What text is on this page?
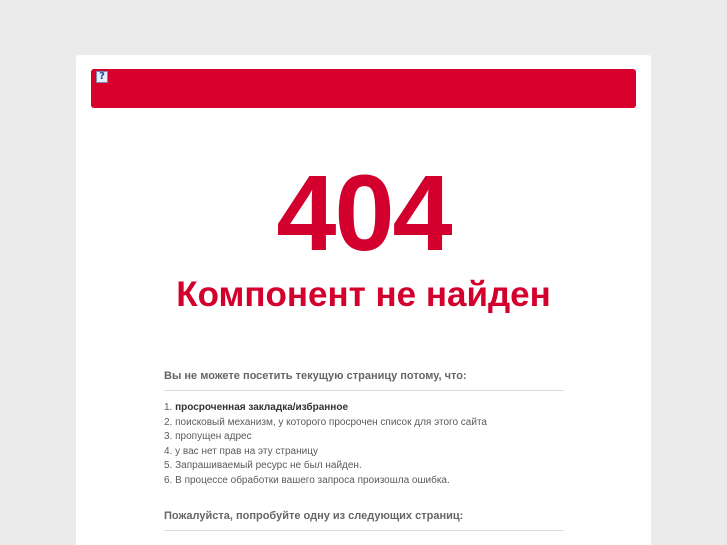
?
404
Компонент не найден
Вы не можете посетить текущую страницу потому, что:
1. просроченная закладка/избранное
2. поисковый механизм, у которого просрочен список для этого сайта
3. пропущен адрес
4. у вас нет прав на эту страницу
5. Запрашиваемый ресурс не был найден.
6. В процессе обработки вашего запроса произошла ошибка.
Пожалуйста, попробуйте одну из следующих страниц:
